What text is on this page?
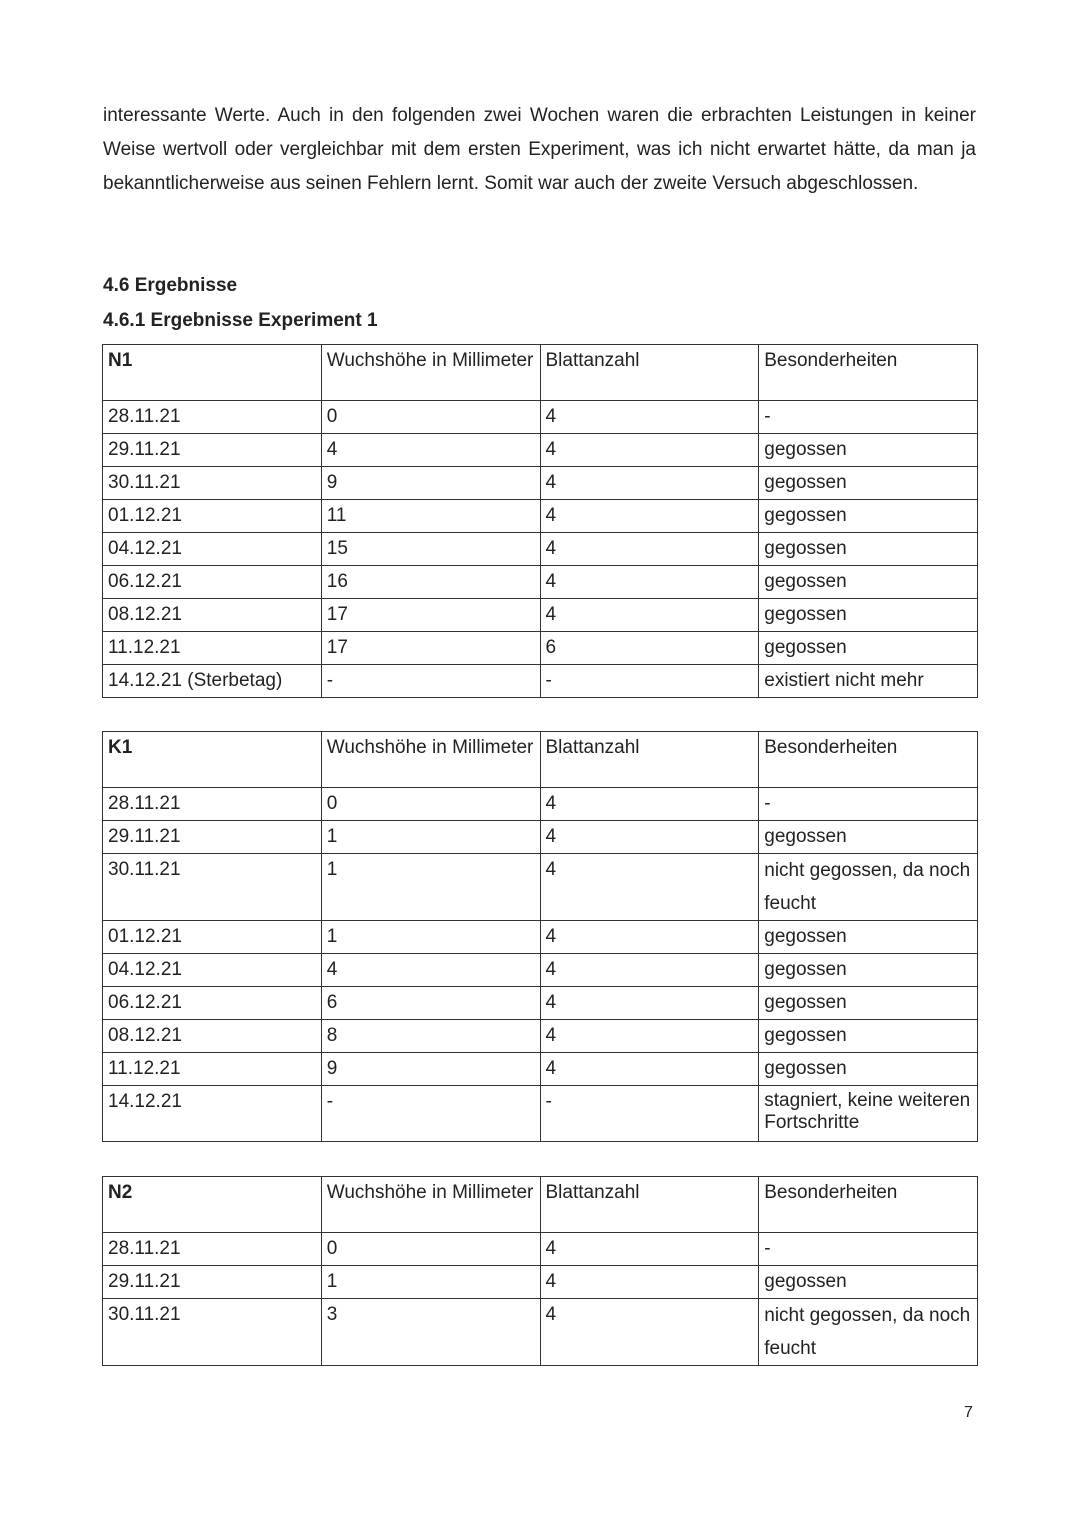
interessante Werte. Auch in den folgenden zwei Wochen waren die erbrachten Leistungen in keiner Weise wertvoll oder vergleichbar mit dem ersten Experiment, was ich nicht erwartet hätte, da man ja bekanntlicherweise aus seinen Fehlern lernt. Somit war auch der zweite Versuch abgeschlossen.

4.6 Ergebnisse
4.6.1 Ergebnisse Experiment 1
N1	Wuchshöhe in Millimeter	Blattanzahl	Besonderheiten
28.11.21	0	4	-
29.11.21	4	4	gegossen
30.11.21	9	4	gegossen
01.12.21	11	4	gegossen
04.12.21	15	4	gegossen
06.12.21	16	4	gegossen
08.12.21	17	4	gegossen
11.12.21	17	6	gegossen
14.12.21 (Sterbetag)	-	-	existiert nicht mehr
K1	Wuchshöhe in Millimeter	Blattanzahl	Besonderheiten
28.11.21	0	4	-
29.11.21	1	4	gegossen
30.11.21	1	4	nicht gegossen, da noch feucht
01.12.21	1	4	gegossen
04.12.21	4	4	gegossen
06.12.21	6	4	gegossen
08.12.21	8	4	gegossen
11.12.21	9	4	gegossen
14.12.21	-	-	stagniert, keine weiteren Fortschritte
N2	Wuchshöhe in Millimeter	Blattanzahl	Besonderheiten
28.11.21	0	4	-
29.11.21	1	4	gegossen
30.11.21	3	4	nicht gegossen, da noch feucht
7
